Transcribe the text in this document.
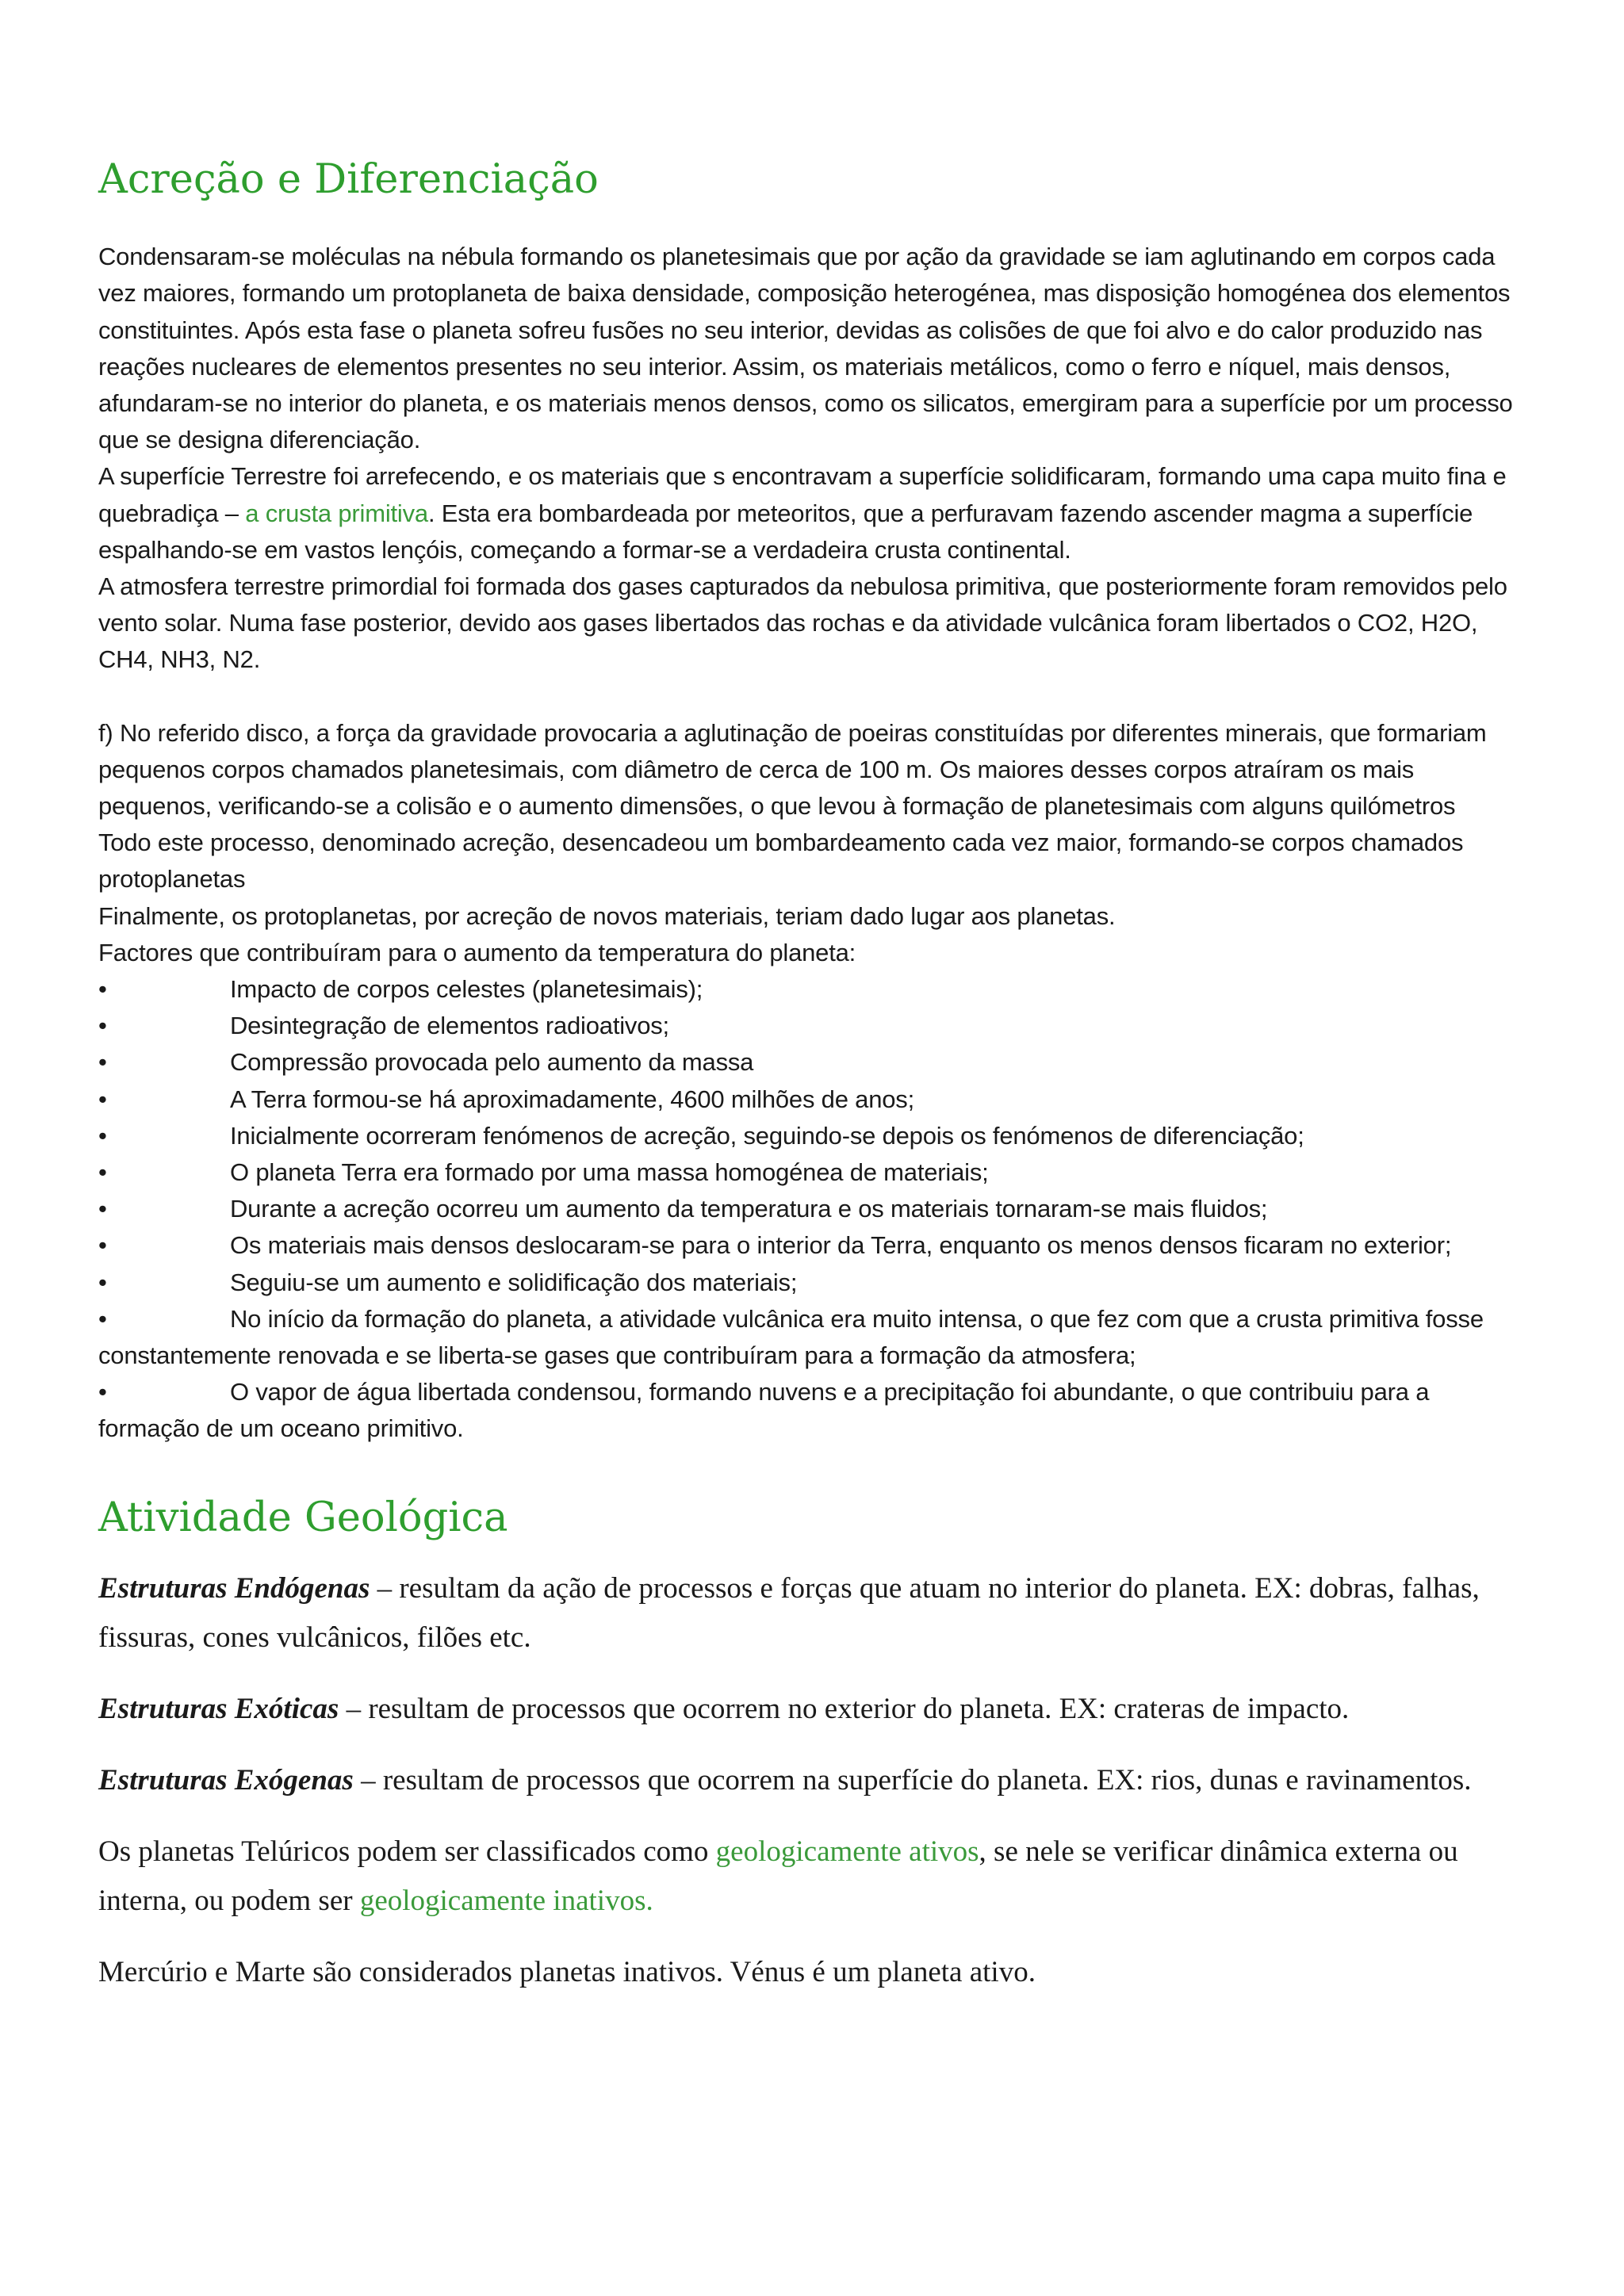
Acreção e Diferenciação

Condensaram-se moléculas na nébula formando os planetesimais que por ação da gravidade se iam aglutinando em corpos cada vez maiores, formando um protoplaneta de baixa densidade, composição heterogénea, mas disposição homogénea dos elementos constituintes. Após esta fase o planeta sofreu fusões no seu interior, devidas as colisões de que foi alvo e do calor produzido nas reações nucleares de elementos presentes no seu interior. Assim, os materiais metálicos, como o ferro e níquel, mais densos, afundaram-se no interior do planeta, e os materiais menos densos, como os silicatos, emergiram para a superfície por um processo que se designa diferenciação.

A superfície Terrestre foi arrefecendo, e os materiais que s encontravam a superfície solidificaram, formando uma capa muito fina e quebradiça – a crusta primitiva. Esta era bombardeada por meteoritos, que a perfuravam fazendo ascender magma a superfície espalhando-se em vastos lençóis, começando a formar-se a verdadeira crusta continental.

A atmosfera terrestre primordial foi formada dos gases capturados da nebulosa primitiva, que posteriormente foram removidos pelo vento solar. Numa fase posterior, devido aos gases libertados das rochas e da atividade vulcânica foram libertados o CO2, H2O, CH4, NH3, N2.

f) No referido disco, a força da gravidade provocaria a aglutinação de poeiras constituídas por diferentes minerais, que formariam pequenos corpos chamados planetesimais, com diâmetro de cerca de 100 m. Os maiores desses corpos atraíram os mais pequenos, verificando-se a colisão e o aumento dimensões, o que levou à formação de planetesimais com alguns quilómetros

Todo este processo, denominado acreção, desencadeou um bombardeamento cada vez maior, formando-se corpos chamados protoplanetas

Finalmente, os protoplanetas, por acreção de novos materiais, teriam dado lugar aos planetas.

Factores que contribuíram para o aumento da temperatura do planeta:

•	Impacto de corpos celestes (planetesimais);

•	Desintegração de elementos radioativos;

•	Compressão provocada pelo aumento da massa

•	A Terra formou-se há aproximadamente, 4600 milhões de anos;

•	Inicialmente ocorreram fenómenos de acreção, seguindo-se depois os fenómenos de diferenciação;

•	O planeta Terra era formado por uma massa homogénea de materiais;

•	Durante a acreção ocorreu um aumento da temperatura e os materiais tornaram-se mais fluidos;

•	Os materiais mais densos deslocaram-se para o interior da Terra, enquanto os menos densos ficaram no exterior;

•	Seguiu-se um aumento e solidificação dos materiais;

•	No início da formação do planeta, a atividade vulcânica era muito intensa, o que fez com que a crusta primitiva fosse constantemente renovada e se liberta-se gases que contribuíram para a formação da atmosfera;

•	O vapor de água libertada condensou, formando nuvens e a precipitação foi abundante, o que contribuiu para a formação de um oceano primitivo.

Atividade Geológica

Estruturas Endógenas – resultam da ação de processos e forças que atuam no interior do planeta. EX: dobras, falhas, fissuras, cones vulcânicos, filões etc.

Estruturas Exóticas – resultam de processos que ocorrem no exterior do planeta. EX: crateras de impacto.

Estruturas Exógenas – resultam de processos que ocorrem na superfície do planeta. EX: rios, dunas e ravinamentos.

Os planetas Telúricos podem ser classificados como geologicamente ativos, se nele se verificar dinâmica externa ou interna, ou podem ser geologicamente inativos.

Mercúrio e Marte são considerados planetas inativos. Vénus é um planeta ativo.
